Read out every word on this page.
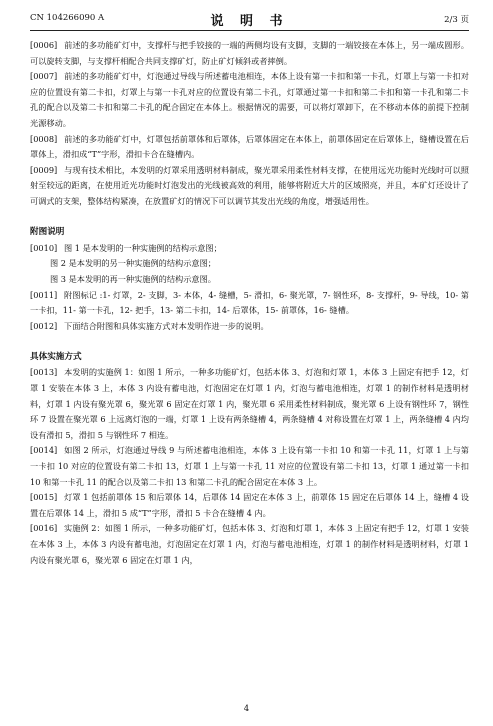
CN 104266090 A	说 明 书	2/3 页

[0006] 前述的多功能矿灯中，支撑杆与把手铰接的一端的两侧均设有支脚，支脚的一端铰接在本体上，另一端成圆形。可以旋转支脚，与支撑杆相配合共同支撑矿灯，防止矿灯倾斜或者摔倒。

[0007] 前述的多功能矿灯中，灯泡通过导线与所述蓄电池相连，本体上设有第一卡扣和第一卡孔，灯罩上与第一卡扣对应的位置设有第二卡扣，灯罩上与第一卡孔对应的位置设有第二卡孔，灯罩通过第一卡扣和第二卡扣和第一卡孔和第二卡孔的配合以及第二卡扣和第二卡孔的配合固定在本体上。根据情况的需要，可以将灯罩卸下，在不移动本体的前提下控制光源移动。

[0008] 前述的多功能矿灯中，灯罩包括前罩体和后罩体，后罩体固定在本体上，前罩体固定在后罩体上，缝槽设置在后罩体上，滑扣成“T”字形，滑扣卡合在缝槽内。

[0009] 与现有技术相比，本发明的灯罩采用透明材料制成，聚光罩采用柔性材料支撑，在使用远光功能时光线时可以照射至较远的距离，在使用近光功能时灯泡发出的光线被高效的利用，能够将附近大片的区域照亮，并且，本矿灯还设计了可调式的支架，整体结构紧凑，在放置矿灯的情况下可以调节其发出光线的角度，增强适用性。

附图说明

[0010] 图 1 是本发明的一种实施例的结构示意图；

图 2 是本发明的另一种实施例的结构示意图；

图 3 是本发明的再一种实施例的结构示意图。

[0011] 附图标记 :1- 灯罩，2- 支脚，3- 本体，4- 缝槽，5- 滑扣，6- 聚光罩，7- 钢性环，8- 支撑杆，9- 导线，10- 第一卡扣，11- 第一卡孔，12- 把手，13- 第二卡扣，14- 后罩体，15- 前罩体，16- 缝槽。

[0012] 下面结合附图和具体实施方式对本发明作进一步的说明。

具体实施方式

[0013] 本发明的实施例 1：如图 1 所示，一种多功能矿灯，包括本体 3、灯泡和灯罩 1，本体 3 上固定有把手 12，灯罩 1 安装在本体 3 上，本体 3 内设有蓄电池，灯泡固定在灯罩 1 内，灯泡与蓄电池相连，灯罩 1 的制作材料是透明材料，灯罩 1 内设有聚光罩 6，聚光罩 6 固定在灯罩 1 内，聚光罩 6 采用柔性材料制成，聚光罩 6 上设有钢性环 7，钢性环 7 设置在聚光罩 6 上远离灯泡的一端，灯罩 1 上设有两条缝槽 4，两条缝槽 4 对称设置在灯罩 1 上，两条缝槽 4 内均设有滑扣 5，滑扣 5 与钢性环 7 相连。

[0014] 如图 2 所示，灯泡通过导线 9 与所述蓄电池相连，本体 3 上设有第一卡扣 10 和第一卡孔 11，灯罩 1 上与第一卡扣 10 对应的位置设有第二卡扣 13，灯罩 1 上与第一卡孔 11 对应的位置设有第二卡扣 13，灯罩 1 通过第一卡扣 10 和第一卡孔 11 的配合以及第二卡扣 13 和第二卡孔的配合固定在本体 3 上。

[0015] 灯罩 1 包括前罩体 15 和后罩体 14，后罩体 14 固定在本体 3 上，前罩体 15 固定在后罩体 14 上，缝槽 4 设置在后罩体 14 上，滑扣 5 成“T”字形，滑扣 5 卡合在缝槽 4 内。

[0016] 实施例 2：如图 1 所示，一种多功能矿灯，包括本体 3、灯泡和灯罩 1，本体 3 上固定有把手 12，灯罩 1 安装在本体 3 上，本体 3 内设有蓄电池，灯泡固定在灯罩 1 内，灯泡与蓄电池相连，灯罩 1 的制作材料是透明材料，灯罩 1 内设有聚光罩 6，聚光罩 6 固定在灯罩 1 内，

4
